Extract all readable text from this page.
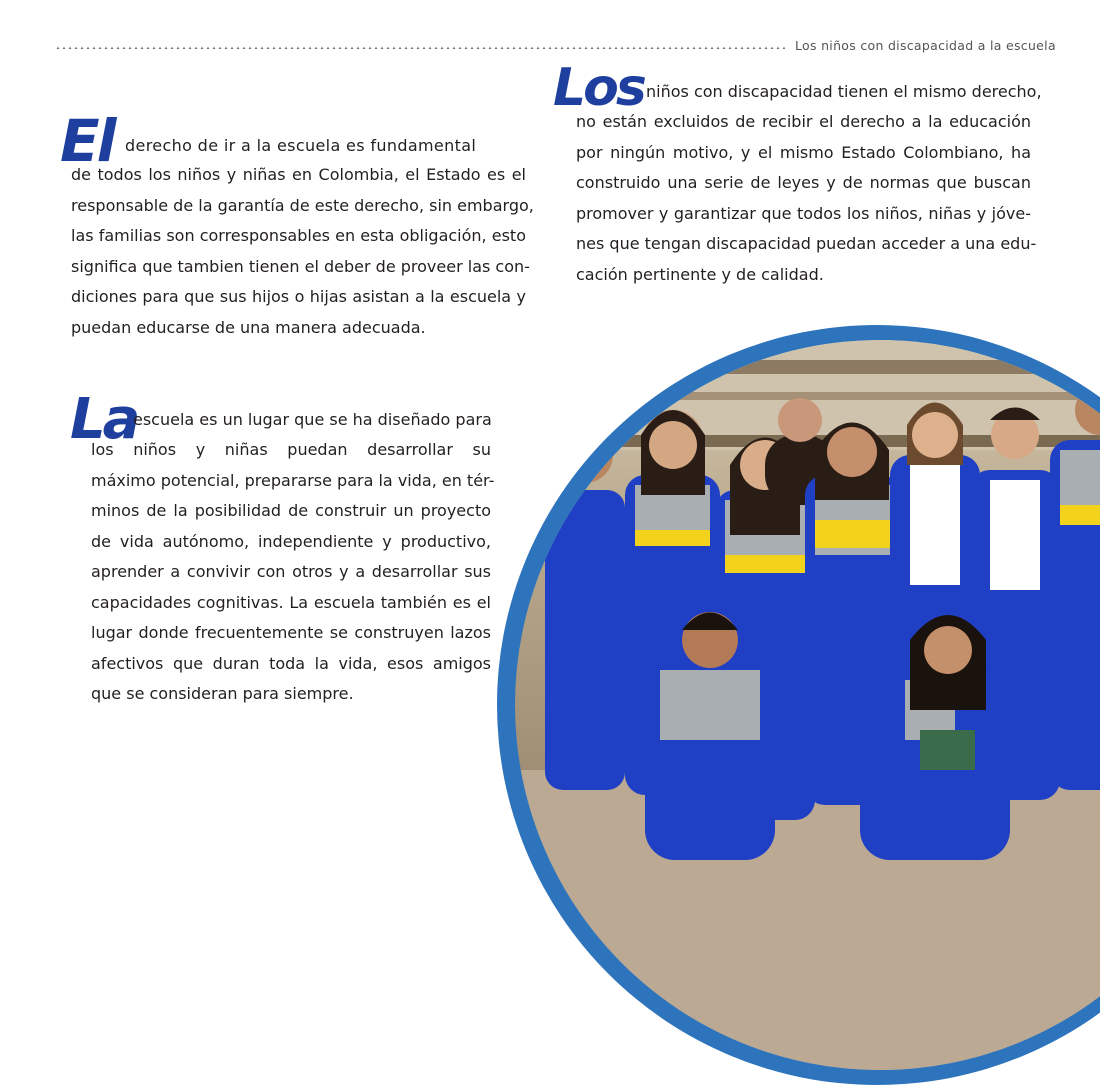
Los niños con discapacidad a la escuela
El derecho de ir a la escuela es fundamental
de todos los niños y niñas en Colombia, el Estado es el
responsable de la garantía de este derecho, sin embargo,
las familias son corresponsables en esta obligación, esto
significa que tambien tienen el deber de proveer las con-
diciones para que sus hijos o hijas asistan a la escuela y
puedan educarse de una manera adecuada.
La
escuela es un lugar que se ha diseñado para
los niños y niñas puedan desarrollar su
máximo potencial, prepararse para la vida, en tér-
minos de la posibilidad de construir un proyecto
de vida autónomo, independiente y productivo,
aprender a convivir con otros y a desarrollar sus
capacidades cognitivas. La escuela también es el
lugar donde frecuentemente se construyen lazos
afectivos que duran toda la vida, esos amigos
que se consideran para siempre.
Los niños con discapacidad tienen el mismo derecho,
no están excluidos de recibir el derecho a la educación
por ningún motivo, y el mismo Estado Colombiano, ha
construido una serie de leyes y de normas que buscan
promover y garantizar que todos los niños, niñas y jóve-
nes que tengan discapacidad puedan acceder a una edu-
cación pertinente y de calidad.
